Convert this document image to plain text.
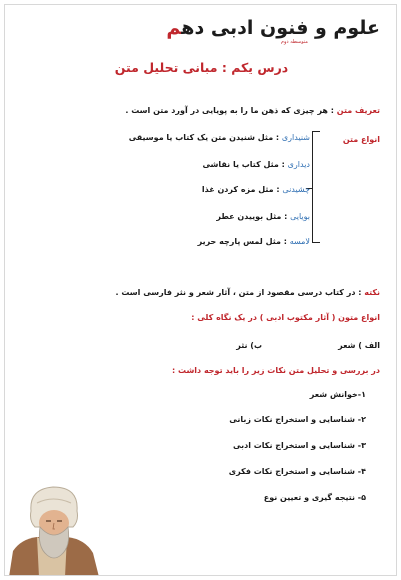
علوم و فنون ادبی دهم
متوسطه دوم
درس یکم : مبانی تحلیل متن
تعریف متن : هر چیزی که ذهن ما را به پویایی در آورد متن است .
انواع متن
شنیداری : مثل شنیدن متن یک کتاب یا موسیقی
دیداری : مثل کتاب یا نقاشی
چشیدنی : مثل مزه کردن غذا
بویایی : مثل بوییدن عطر
لامسه : مثل لمس پارچه حریر
نکته : در کتاب درسی مقصود از متن ، آثار شعر و نثر فارسی است .
انواع متون ( آثار مکتوب ادبی ) در یک نگاه کلی :
الف ) شعر
ب) نثر
در بررسی و تحلیل متن نکات زیر را باید توجه داشت :
۱-خوانش شعر
۲- شناسایی و استخراج نکات زبانی
۳- شناسایی و استخراج نکات ادبی
۴- شناسایی و استخراج نکات فکری
۵- نتیجه گیری و تعیین نوع
